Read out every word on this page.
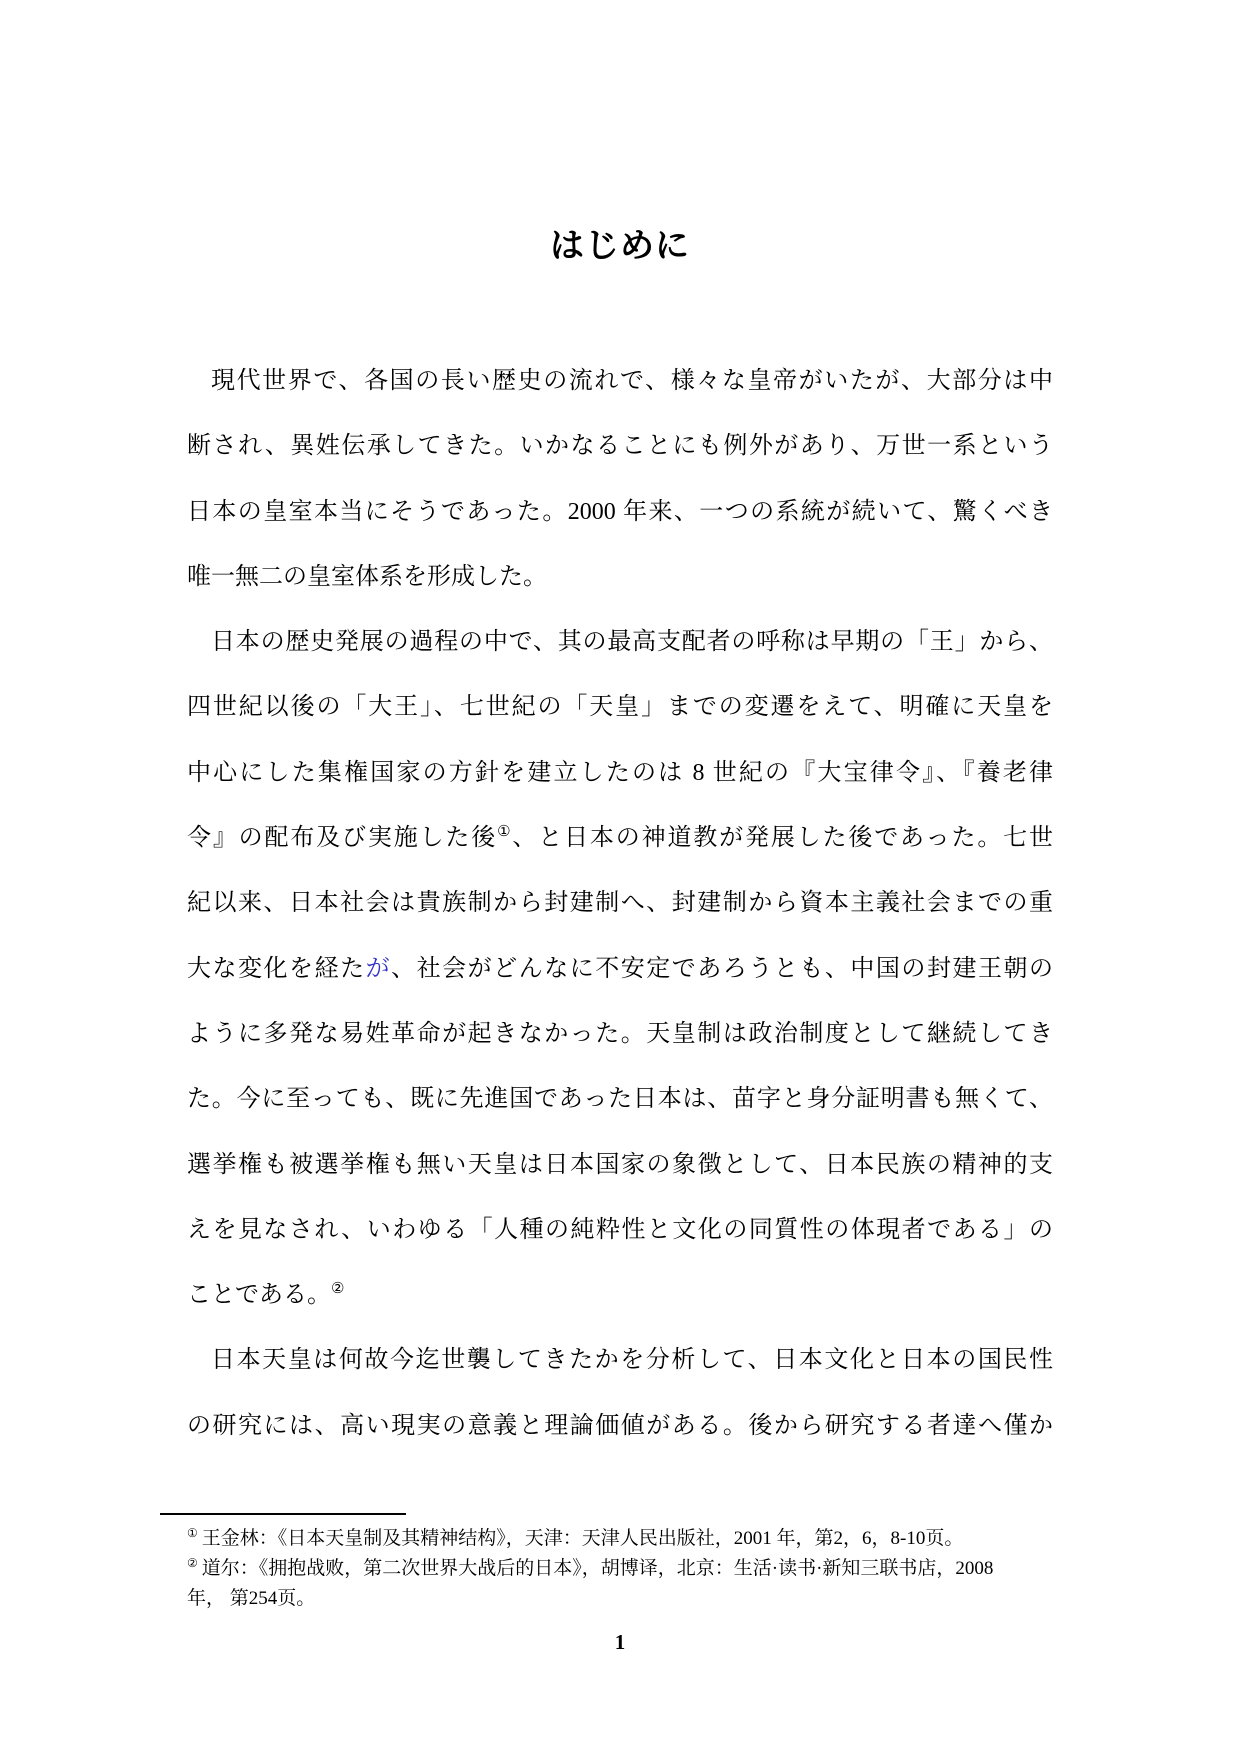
はじめに
現代世界で、各国の長い歴史の流れで、様々な皇帝がいたが、大部分は中
断され、異姓伝承してきた。いかなることにも例外があり、万世一系という
日本の皇室本当にそうであった。2000 年来、一つの系統が続いて、驚くべき
唯一無二の皇室体系を形成した。
日本の歴史発展の過程の中で、其の最高支配者の呼称は早期の「王」から、
四世紀以後の「大王」、七世紀の「天皇」までの変遷をえて、明確に天皇を
中心にした集権国家の方針を建立したのは 8 世紀の『大宝律令』、『養老律
令』の配布及び実施した後①、と日本の神道教が発展した後であった。七世
紀以来、日本社会は貴族制から封建制へ、封建制から資本主義社会までの重
大な変化を経たが、社会がどんなに不安定であろうとも、中国の封建王朝の
ように多発な易姓革命が起きなかった。天皇制は政治制度として継続してき
た。今に至っても、既に先進国であった日本は、苗字と身分証明書も無くて、
選挙権も被選挙権も無い天皇は日本国家の象徴として、日本民族の精神的支
えを見なされ、いわゆる「人種の純粋性と文化の同質性の体現者である」の
ことである。②
日本天皇は何故今迄世襲してきたかを分析して、日本文化と日本の国民性
の研究には、高い現実の意義と理論価値がある。後から研究する者達へ僅か
① 王金林：《日本天皇制及其精神结构》，天津：天津人民出版社，2001 年，第2，6，8-10页。
② 道尔：《拥抱战败，第二次世界大战后的日本》，胡博译，北京：生活·读书·新知三联书店，2008
年， 第254页。
1
